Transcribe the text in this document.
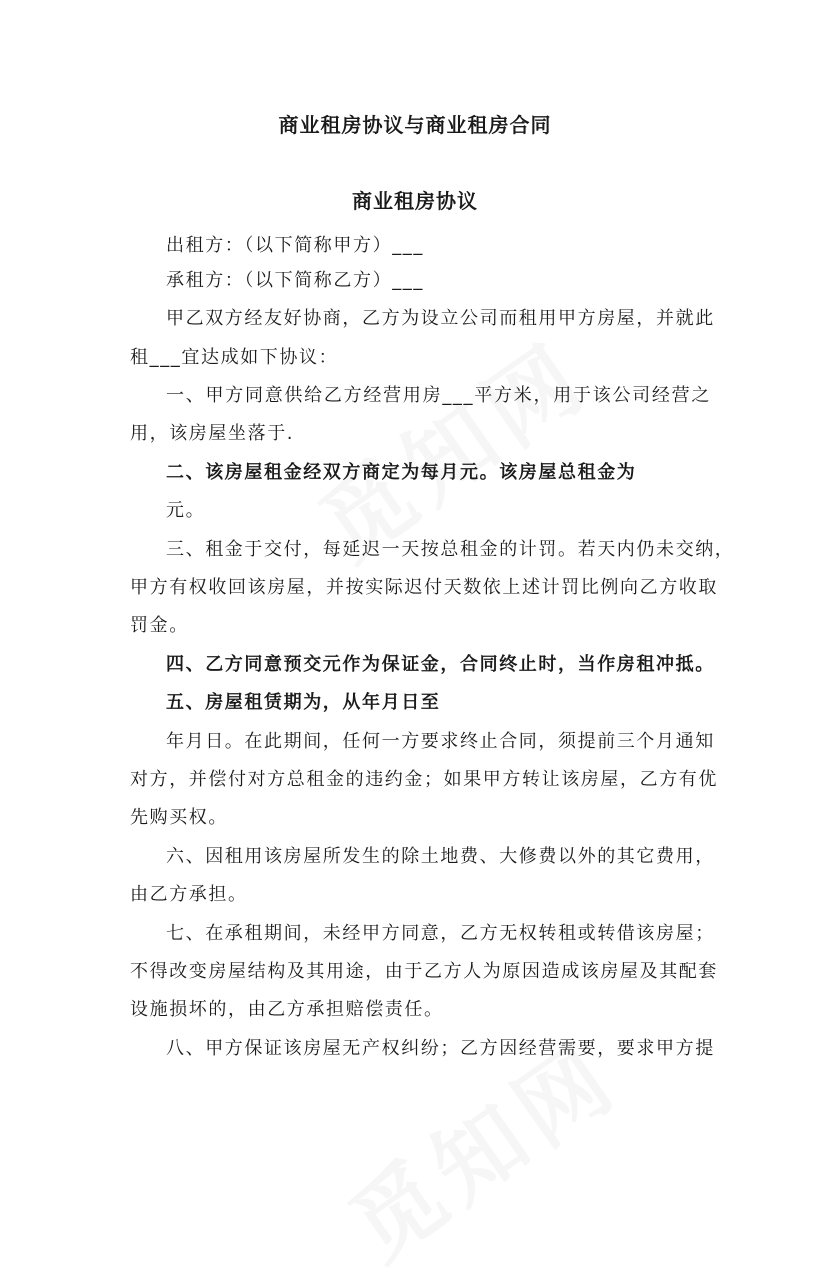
商业租房协议与商业租房合同
商业租房协议
出租方：（以下简称甲方）___
承租方：（以下简称乙方）___
甲乙双方经友好协商，乙方为设立公司而租用甲方房屋，并就此
租___宜达成如下协议：
一、甲方同意供给乙方经营用房___平方米，用于该公司经营之
用，该房屋坐落于.
二、该房屋租金经双方商定为每月元。该房屋总租金为
元。
三、租金于交付，每延迟一天按总租金的计罚。若天内仍未交纳，
甲方有权收回该房屋，并按实际迟付天数依上述计罚比例向乙方收取
罚金。
四、乙方同意预交元作为保证金，合同终止时，当作房租冲抵。
五、房屋租赁期为，从年月日至
年月日。在此期间，任何一方要求终止合同，须提前三个月通知
对方，并偿付对方总租金的违约金；如果甲方转让该房屋，乙方有优
先购买权。
六、因租用该房屋所发生的除土地费、大修费以外的其它费用，
由乙方承担。
七、在承租期间，未经甲方同意，乙方无权转租或转借该房屋；
不得改变房屋结构及其用途，由于乙方人为原因造成该房屋及其配套
设施损坏的，由乙方承担赔偿责任。
八、甲方保证该房屋无产权纠纷；乙方因经营需要，要求甲方提
